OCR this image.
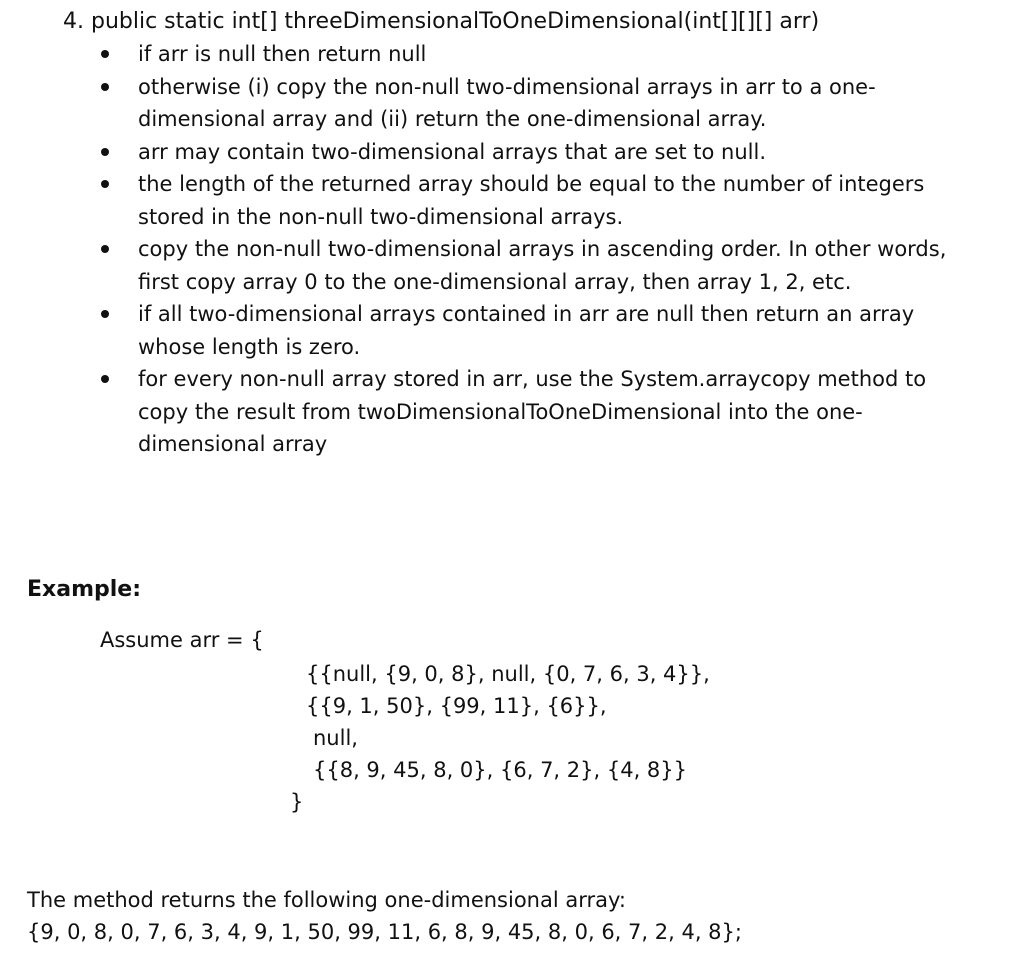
4. public static int[] threeDimensionalToOneDimensional(int[][][] arr)
if arr is null then return null
otherwise (i) copy the non-null two-dimensional arrays in arr to a one-
dimensional array and (ii) return the one-dimensional array.
arr may contain two-dimensional arrays that are set to null.
the length of the returned array should be equal to the number of integers
stored in the non-null two-dimensional arrays.
copy the non-null two-dimensional arrays in ascending order. In other words,
first copy array 0 to the one-dimensional array, then array 1, 2, etc.
if all two-dimensional arrays contained in arr are null then return an array
whose length is zero.
for every non-null array stored in arr, use the System.arraycopy method to
copy the result from twoDimensionalToOneDimensional into the one-
dimensional array
Example:
Assume arr = {
{{null, {9, 0, 8}, null, {0, 7, 6, 3, 4}},
{{9, 1, 50}, {99, 11}, {6}},
null,
{{8, 9, 45, 8, 0}, {6, 7, 2}, {4, 8}}
}
The method returns the following one-dimensional array:
{9, 0, 8, 0, 7, 6, 3, 4, 9, 1, 50, 99, 11, 6, 8, 9, 45, 8, 0, 6, 7, 2, 4, 8};
